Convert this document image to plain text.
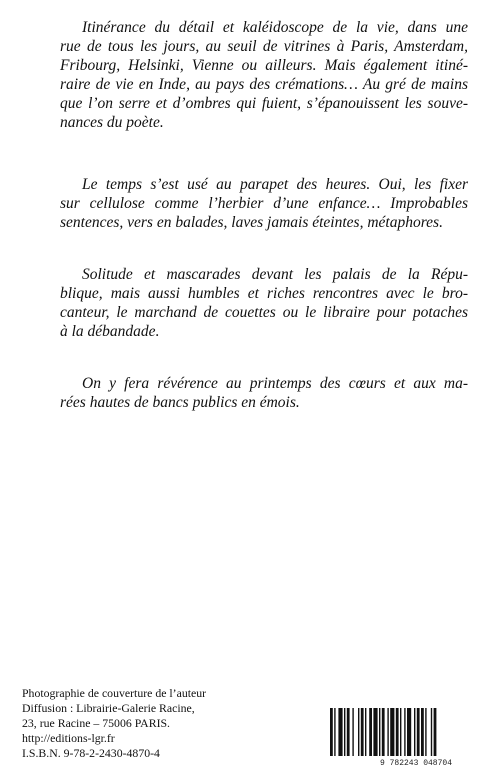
Itinérance du détail et kaléidoscope de la vie, dans une
rue de tous les jours, au seuil de vitrines à Paris, Amsterdam,
Fribourg, Helsinki, Vienne ou ailleurs. Mais également itiné-
raire de vie en Inde, au pays des crémations… Au gré de mains
que l’on serre et d’ombres qui fuient, s’épanouissent les souve-
nances du poète.
Le temps s’est usé au parapet des heures. Oui, les fixer
sur cellulose comme l’herbier d’une enfance… Improbables
sentences, vers en balades, laves jamais éteintes, métaphores.
Solitude et mascarades devant les palais de la Répu-
blique, mais aussi humbles et riches rencontres avec le bro-
canteur, le marchand de couettes ou le libraire pour potaches
à la débandade.
On y fera révérence au printemps des cœurs et aux ma-
rées hautes de bancs publics en émois.
Photographie de couverture de l’auteur
Diffusion : Librairie-Galerie Racine,
23, rue Racine – 75006 PARIS.
http://editions-lgr.fr
I.S.B.N. 9-78-2-2430-4870-4
9 782243 048704
